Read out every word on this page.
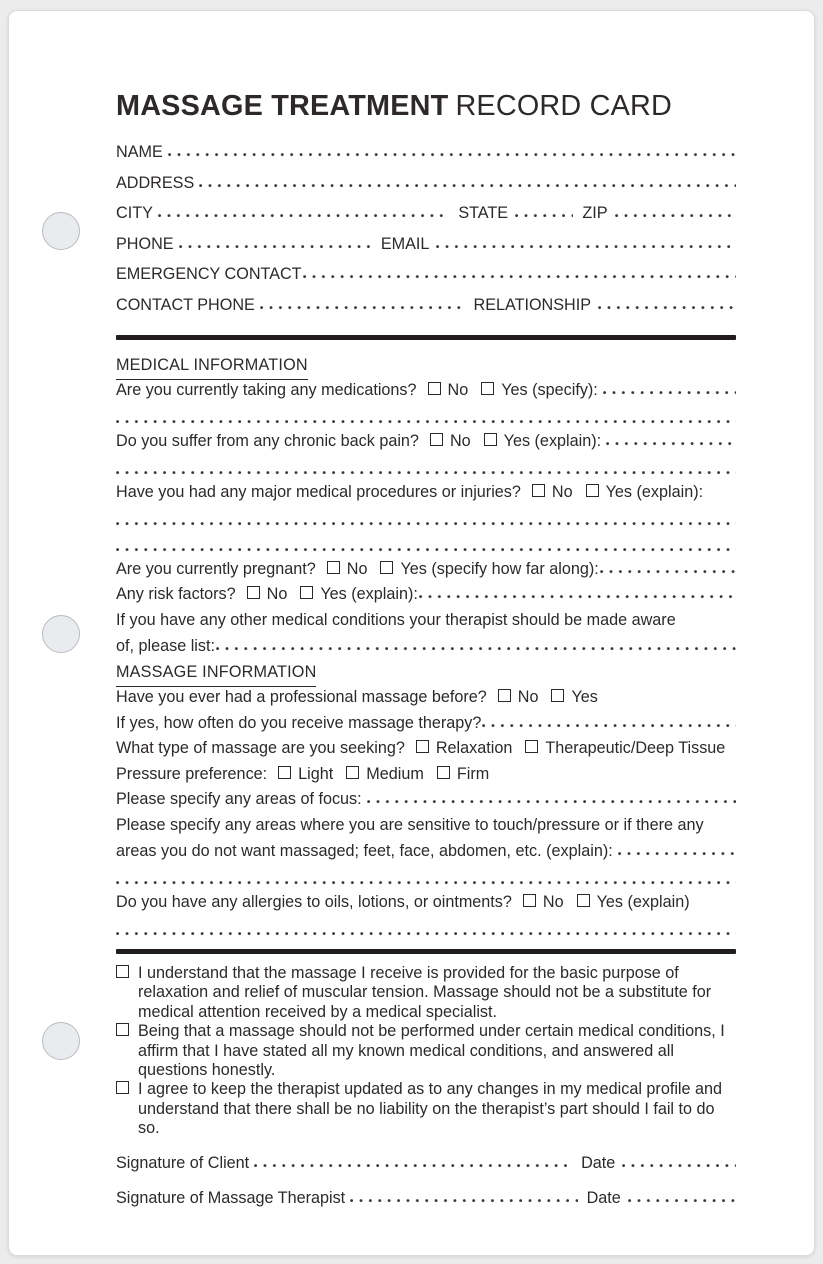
MASSAGE TREATMENT RECORD CARD
NAME
ADDRESS
CITY	STATE	ZIP
PHONE	EMAIL
EMERGENCY CONTACT
CONTACT PHONE	RELATIONSHIP
MEDICAL INFORMATION
Are you currently taking any medications? No Yes (specify):
Do you suffer from any chronic back pain? No Yes (explain):
Have you had any major medical procedures or injuries? No Yes (explain):
Are you currently pregnant? No Yes (specify how far along):
Any risk factors? No Yes (explain):
If you have any other medical conditions your therapist should be made aware
of, please list:
MASSAGE INFORMATION
Have you ever had a professional massage before? No Yes
If yes, how often do you receive massage therapy?
What type of massage are you seeking? Relaxation Therapeutic/Deep Tissue
Pressure preference: Light Medium Firm
Please specify any areas of focus:
Please specify any areas where you are sensitive to touch/pressure or if there any
areas you do not want massaged; feet, face, abdomen, etc. (explain):
Do you have any allergies to oils, lotions, or ointments? No Yes (explain)
I understand that the massage I receive is provided for the basic purpose of relaxation and relief of muscular tension. Massage should not be a substitute for medical attention received by a medical specialist.
Being that a massage should not be performed under certain medical conditions, I affirm that I have stated all my known medical conditions, and answered all questions honestly.
I agree to keep the therapist updated as to any changes in my medical profile and understand that there shall be no liability on the therapist’s part should I fail to do so.
Signature of Client	Date
Signature of Massage Therapist	Date
